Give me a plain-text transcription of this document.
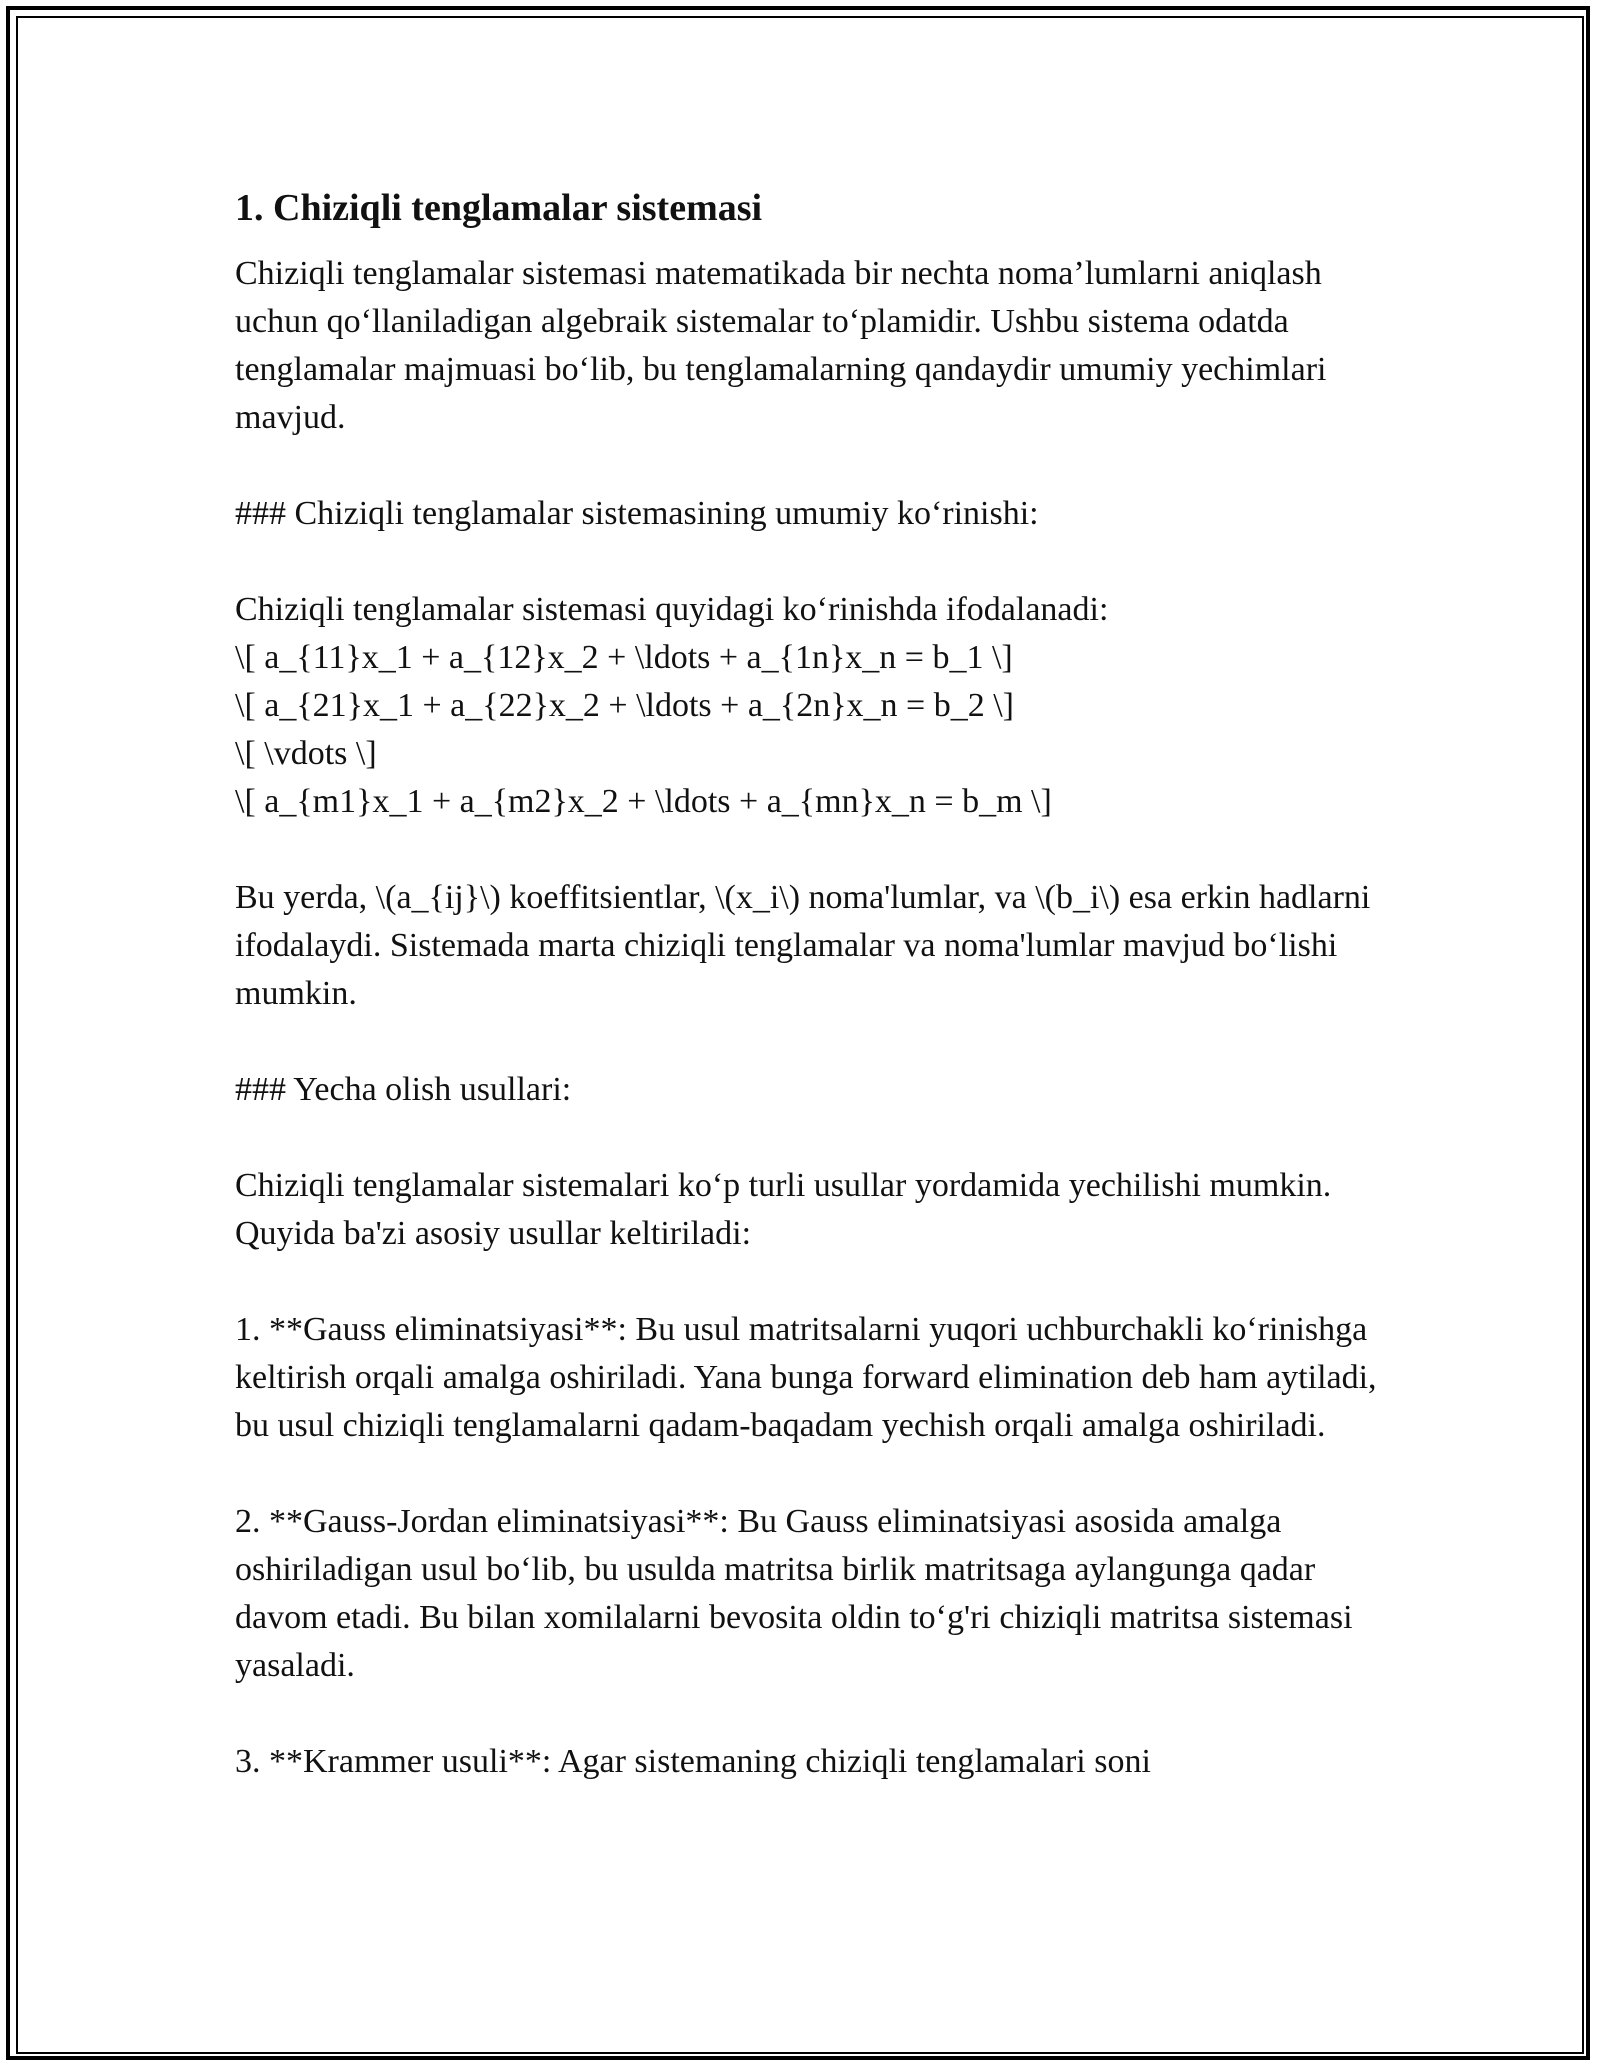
1. Chiziqli tenglamalar sistemasi
Chiziqli tenglamalar sistemasi matematikada bir nechta noma’lumlarni aniqlash uchun qo‘llaniladigan algebraik sistemalar to‘plamidir. Ushbu sistema odatda tenglamalar majmuasi bo‘lib, bu tenglamalarning qandaydir umumiy yechimlari mavjud.
### Chiziqli tenglamalar sistemasining umumiy ko‘rinishi:
Chiziqli tenglamalar sistemasi quyidagi ko‘rinishda ifodalanadi:
\[ a_{11}x_1 + a_{12}x_2 + \ldots + a_{1n}x_n = b_1 \]
\[ a_{21}x_1 + a_{22}x_2 + \ldots + a_{2n}x_n = b_2 \]
\[ \vdots \]
\[ a_{m1}x_1 + a_{m2}x_2 + \ldots + a_{mn}x_n = b_m \]
Bu yerda, \(a_{ij}\) koeffitsientlar, \(x_i\) noma'lumlar, va \(b_i\) esa erkin hadlarni ifodalaydi. Sistemada marta chiziqli tenglamalar va noma'lumlar mavjud bo‘lishi mumkin.
### Yecha olish usullari:
Chiziqli tenglamalar sistemalari ko‘p turli usullar yordamida yechilishi mumkin. Quyida ba'zi asosiy usullar keltiriladi:
1. **Gauss eliminatsiyasi**: Bu usul matritsalarni yuqori uchburchakli ko‘rinishga keltirish orqali amalga oshiriladi. Yana bunga forward elimination deb ham aytiladi, bu usul chiziqli tenglamalarni qadam-baqadam yechish orqali amalga oshiriladi.
2. **Gauss-Jordan eliminatsiyasi**: Bu Gauss eliminatsiyasi asosida amalga oshiriladigan usul bo‘lib, bu usulda matritsa birlik matritsaga aylangunga qadar davom etadi. Bu bilan xomilalarni bevosita oldin to‘g'ri chiziqli matritsa sistemasi yasaladi.
3. **Krammer usuli**: Agar sistemaning chiziqli tenglamalari soni
